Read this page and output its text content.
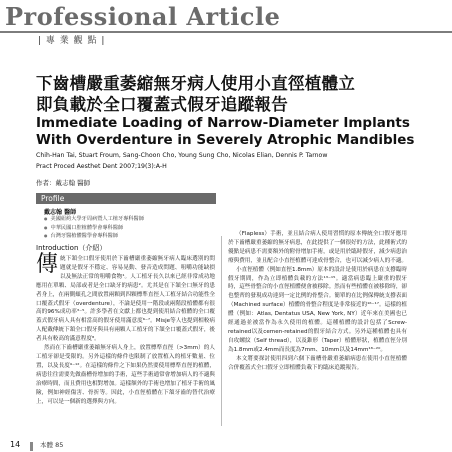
Professional Article
| 專 業 觀 點 |
下齒槽嚴重萎縮無牙病人使用小直徑植體立
即負載於全口覆蓋式假牙追蹤報告
Immediate Loading of Narrow-Diameter Implants
With Overdenture in Severely Atrophic Mandibles
Chih-Han Tai, Stuart Froum, Sang-Choon Cho, Young Sung Cho, Nicolas Elian, Dennis P. Tarnow
Pract Proced Aesthet Dent 2007;19(3):A-H
作者：戴志翰 醫師
Profile
戴志翰 醫師
● 美國紐約大學牙周病暨人工植牙專科醫師
● 中華民國口腔植體學會專科醫師
● 台灣牙醫植體醫學會專科醫師
Introduction（介紹）

傳統下頷全口假牙使用於下齒槽嚴重萎縮無牙病人臨床選別的問題就是假牙不穩定、容易晃動、發音造成問題、咀嚼功能缺損以及無法正常的咀嚼食物¹。人工植牙長久以來已經非常成功地應用在單顆、局部或者是全口缺牙的病患²。尤其是在下頷全口無牙的患者身上，在兩側頦孔之間放置兩顆到四顆標準直徑人工植牙結合功能性全口覆蓋式假牙（overdenture），不論是使用一階段或兩階段植體都有很高的96%成功率³⁻⁵。許多學者在文獻上都也提到使用結合植體的全口覆蓋式假牙病人具有相當高的假牙使用滿意度⁶⁻⁷。Misje等人也提到相較病人配戴傳統下頷全口假牙與具有兩顆人工植牙的下頷全口覆蓋式假牙，後者具有較高的滿意程度⁸。

然而在下齒槽嚴重萎縮無牙病人身上，放置標準直徑（>3mm）的人工植牙卻是受限的。另外這樣的條件也限制了放置植入的植牙數量、位置，以及長度⁹⁻¹²。在這樣的條件之下如果仍然要使用標準直徑的植體，病患往往需要先做齒槽骨增加的手術，這些手術通常會增加病人的不適與治療時間，而且費用也相對增加。這樣額外的手術也增加了植牙手術的風險，例如神經傷害、骨折等。因此，小直徑植體在下頷牙齒的替代治療上，可以是一個新的選擇與方向。

（Flapless）手術，並且結合病人使用習慣的原本傳統全口假牙應用於下齒槽嚴重萎縮的無牙病患，在此提供了一個很好的方法，此種術式的優點是病患不需要額外的附骨增加手術，或是用於臨時假牙，減少病患治療與費用，並且配合小直徑植體可達成骨整合，也可以減少病人的不適。

小直徑植體（例如直徑1.8mm）原本的設計是使用於病患在支撐臨時假牙期間，作為立即植體負載的方法¹³⁻¹⁵。適當病患臨上嚴重的假牙時，這些骨整合的小直徑植體便會被移除。然而有些植體在被移除時，卻也整齊的發現成功達到一定比例的骨整合。簡單的在比例保傳統支撐表面（Machined surface）植體的骨整合程度是非常接近的¹⁶⁻¹⁷。這樣的植體（例如：Atlas, Dentatus USA, New York, NY）近年來在美國也已經通過並被當作為永久使用的植體。這種植體的設計包括了Screw-retained以及cemen-retained的假牙結合方式。另外這種植體也具有自攻螺紋（Self thread），以及錐形（Taper）植體形狀，植體直徑分別為1.8mm或2.4mm而長度為7mm、10mm以及14mm¹⁸⁻²⁰。

本文將要探討使用四到六個下齒槽骨嚴重萎縮病患在使用小直徑植體合併覆蓋式全口假牙立即植體負載下的臨床追蹤報告。

14	本體 85
